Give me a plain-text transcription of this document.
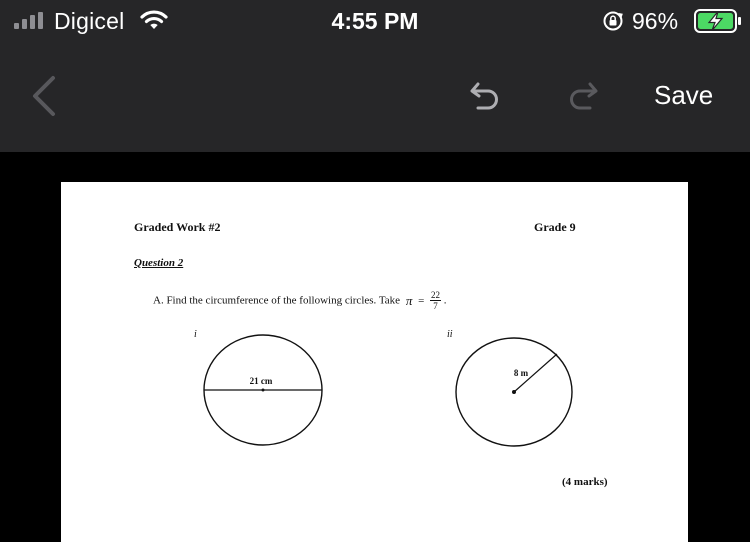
Digicel	4:55 PM	96%
Save
Graded Work #2	Grade 9
Question 2
A. Find the circumference of the following circles. Take $\pi = \frac{22}{7}$ .
i	ii
21 cm
8 m
(4 marks)
